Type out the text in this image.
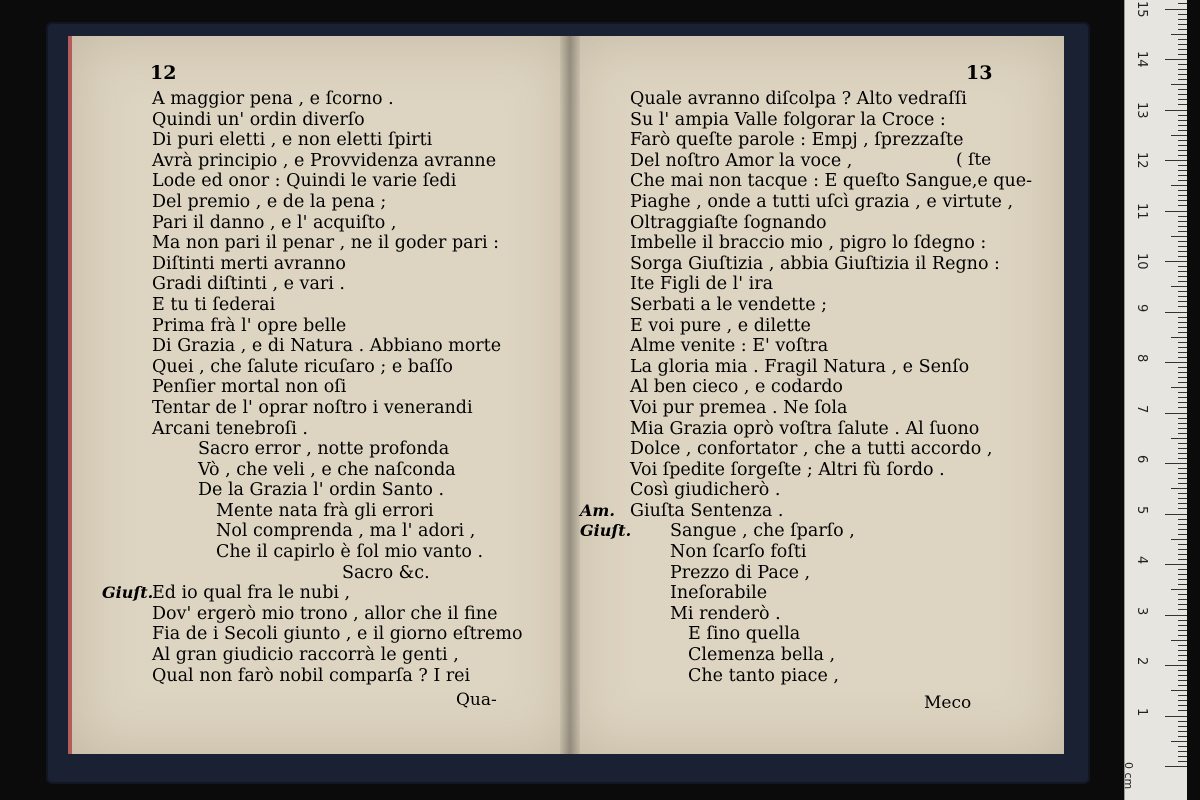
12
A maggior pena , e ſcorno .
Quindi un' ordin diverſo
Di puri eletti , e non eletti ſpirti
Avrà principio , e Provvidenza avranne
Lode ed onor : Quindi le varie ſedi
Del premio , e de la pena ;
Pari il danno , e l' acquiſto ,
Ma non pari il penar , ne il goder pari :
Diſtinti merti avranno
Gradi diſtinti , e vari .
E tu ti ſederai
Prima frà l' opre belle
Di Grazia , e di Natura . Abbiano morte
Quei , che ſalute ricuſaro ; e baſſo
Penſier mortal non oſi
Tentar de l' oprar noſtro i venerandi
Arcani tenebroſi .
Sacro error , notte profonda
Vò , che veli , e che naſconda
De la Grazia l' ordin Santo .
Mente nata frà gli errori
Nol comprenda , ma l' adori ,
Che il capirlo è ſol mio vanto .
Sacro &c.
Ed io qual fra le nubi ,
Giuſt.
Dov' ergerò mio trono , allor che il fine
Fia de i Secoli giunto , e il giorno eſtremo
Al gran giudicio raccorrà le genti ,
Qual non farò nobil comparſa ? I rei
Qua-
13
Quale avranno diſcolpa ? Alto vedraſſi
Su l' ampia Valle folgorar la Croce :
Farò queſte parole : Empj , ſprezzaſte
Del noſtro Amor la voce ,
Che mai non tacque : E queſto Sangue,e que-
Piaghe , onde a tutti uſcì grazia , e virtute ,
Oltraggiaſte ſognando
Imbelle il braccio mio , pigro lo ſdegno :
Sorga Giuſtizia , abbia Giuſtizia il Regno :
Ite Figli de l' ira
Serbati a le vendette ;
E voi pure , e dilette
Alme venite : E' voſtra
La gloria mia . Fragil Natura , e Senſo
Al ben cieco , e codardo
Voi pur premea . Ne ſola
Mia Grazia oprò voſtra ſalute . Al ſuono
Dolce , confortator , che a tutti accordo ,
Voi ſpedite ſorgeſte ; Altri fù ſordo .
Così giudicherò .
Giuſta Sentenza .
Am.
Sangue , che ſparſo ,
Giuſt.
Non ſcarſo foſti
Prezzo di Pace ,
Ineſorabile
Mi renderò .
E ſino quella
Clemenza bella ,
Che tanto piace ,
( ſte
Meco
0 cm
1
2
3
4
5
6
7
8
9
10
11
12
13
14
15
